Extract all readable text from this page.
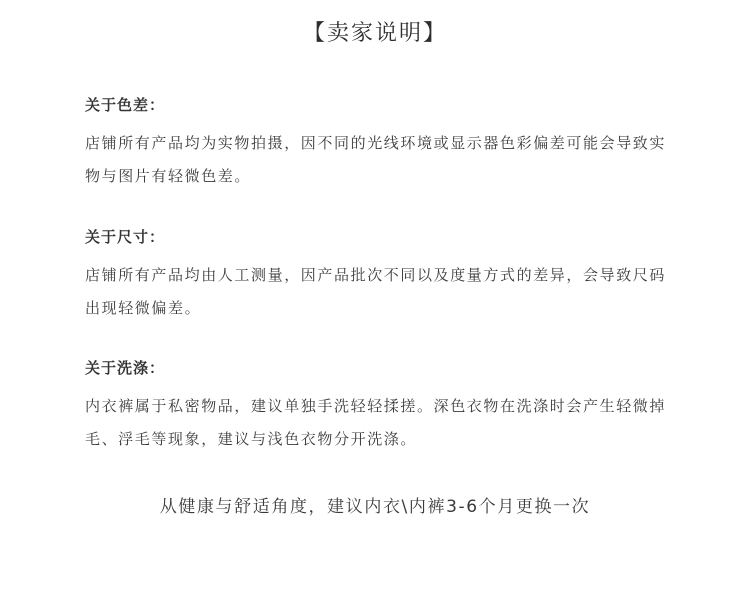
【卖家说明】

关于色差：

店铺所有产品均为实物拍摄，因不同的光线环境或显示器色彩偏差可能会导致实物与图片有轻微色差。

关于尺寸：

店铺所有产品均由人工测量，因产品批次不同以及度量方式的差异，会导致尺码出现轻微偏差。

关于洗涤：

内衣裤属于私密物品，建议单独手洗轻轻揉搓。深色衣物在洗涤时会产生轻微掉毛、浮毛等现象，建议与浅色衣物分开洗涤。

从健康与舒适角度，建议内衣\内裤3-6个月更换一次
